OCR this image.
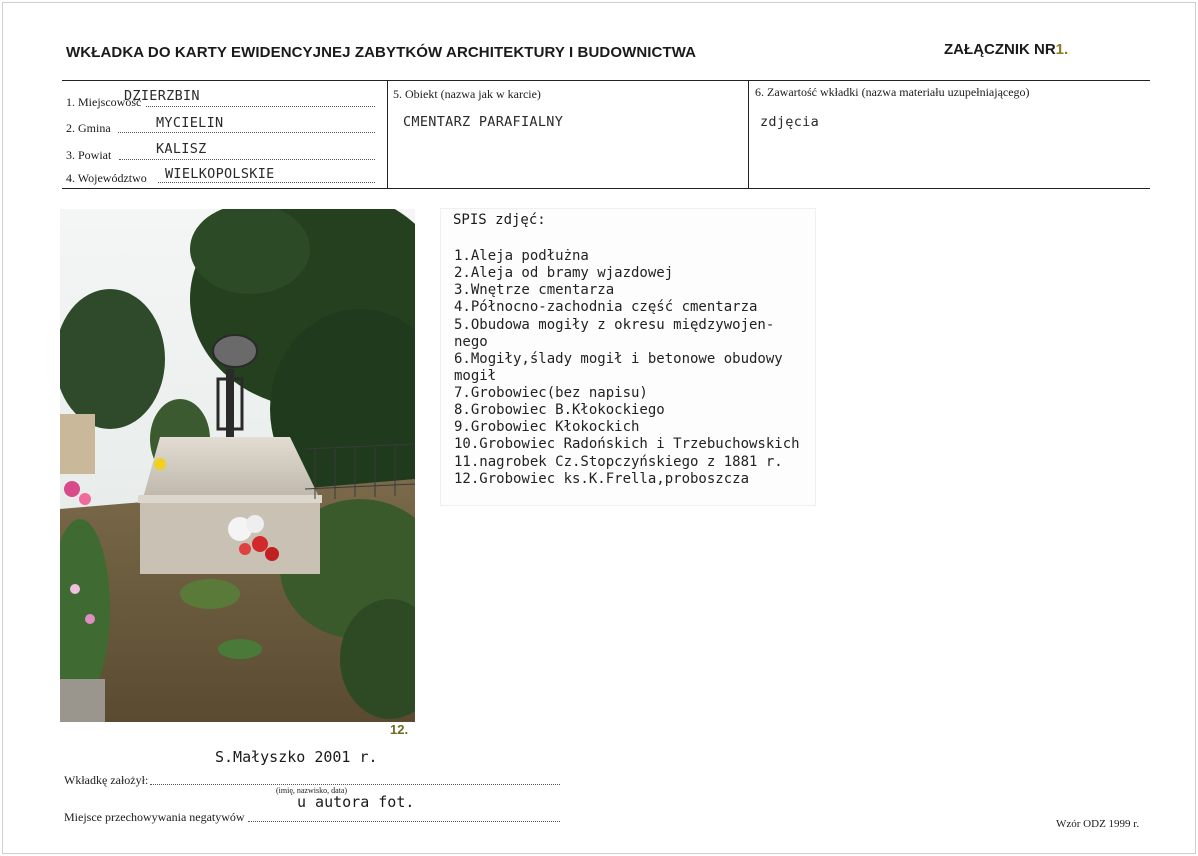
WKŁADKA DO KARTY EWIDENCYJNEJ ZABYTKÓW ARCHITEKTURY I BUDOWNICTWA	ZAŁĄCZNIK NR1.
1. Miejscowość
DZIERZBIN
2. Gmina	MYCIELIN
3. Powiat	KALISZ
4. Województwo WIELKOPOLSKIE
5. Obiekt (nazwa jak w karcie)
CMENTARZ PARAFIALNY
6. Zawartość wkładki (nazwa materiału uzupełniającego)
zdjęcia
SPIS zdjęć:
1.Aleja podłużna
2.Aleja od bramy wjazdowej
3.Wnętrze cmentarza
4.Północno-zachodnia część cmentarza
5.Obudowa mogiły z okresu międzywojen-
nego
6.Mogiły,ślady mogił i betonowe obudowy
mogił
7.Grobowiec(bez napisu)
8.Grobowiec B.Kłokockiego
9.Grobowiec Kłokockich
10.Grobowiec Radońskich i Trzebuchowskich
11.nagrobek Cz.Stopczyńskiego z 1881 r.
12.Grobowiec ks.K.Frella,proboszcza
12.
S.Małyszko 2001 r.
Wkładkę założył:
(imię, nazwisko, data)
Miejsce przechowywania negatywów
u autora fot.
Wzór ODZ 1999 r.
